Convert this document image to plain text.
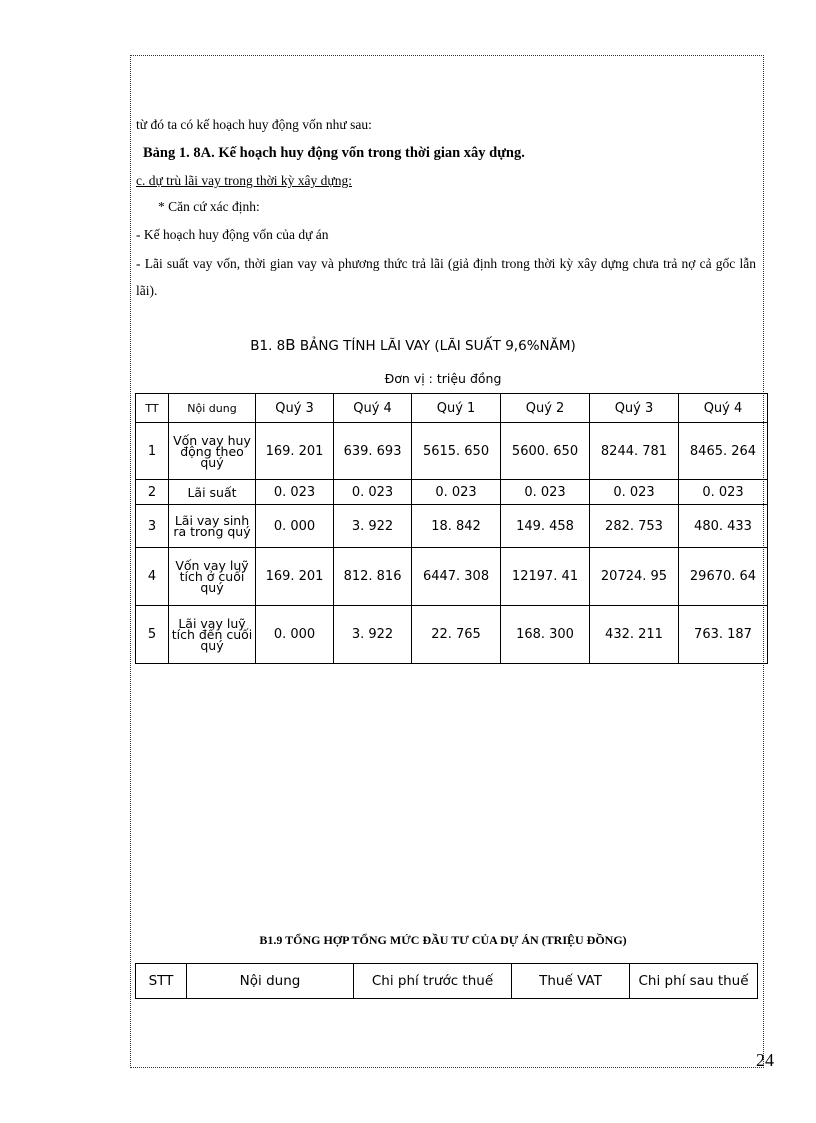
từ đó ta có kế hoạch huy động vốn như sau:
Bảng 1. 8A. Kế hoạch huy động vốn trong thời gian xây dựng.
c. dự trù lãi vay trong thời kỳ xây dựng:
* Căn cứ xác định:
- Kế hoạch huy động vốn của dự án
- Lãi suất vay vốn, thời gian vay và phương thức trả lãi (giả định trong thời kỳ xây dựng chưa trả nợ cả gốc lẫn lãi).
B1. 8B BẢNG TÍNH LÃI VAY (LÃI SUẤT 9,6%NĂM)
Đơn vị : triệu đồng
TT	Nội dung	Quý 3	Quý 4	Quý 1	Quý 2	Quý 3	Quý 4
1	Vốn vay huy động theo quý	169. 201	639. 693	5615. 650	5600. 650	8244. 781	8465. 264
2	Lãi suất	0. 023	0. 023	0. 023	0. 023	0. 023	0. 023
3	Lãi vay sinh ra trong quý	0. 000	3. 922	18. 842	149. 458	282. 753	480. 433
4	Vốn vay luỹ tích ở cuối quý	169. 201	812. 816	6447. 308	12197. 41	20724. 95	29670. 64
5	Lãi vay luỹ tích đến cuối quý	0. 000	3. 922	22. 765	168. 300	432. 211	763. 187
B1.9 TỔNG HỢP TỔNG MỨC ĐẦU TƯ CỦA DỰ ÁN (TRIỆU ĐỒNG)
STT	Nội dung	Chi phí trước thuế	Thuế VAT	Chi phí sau thuế
24
